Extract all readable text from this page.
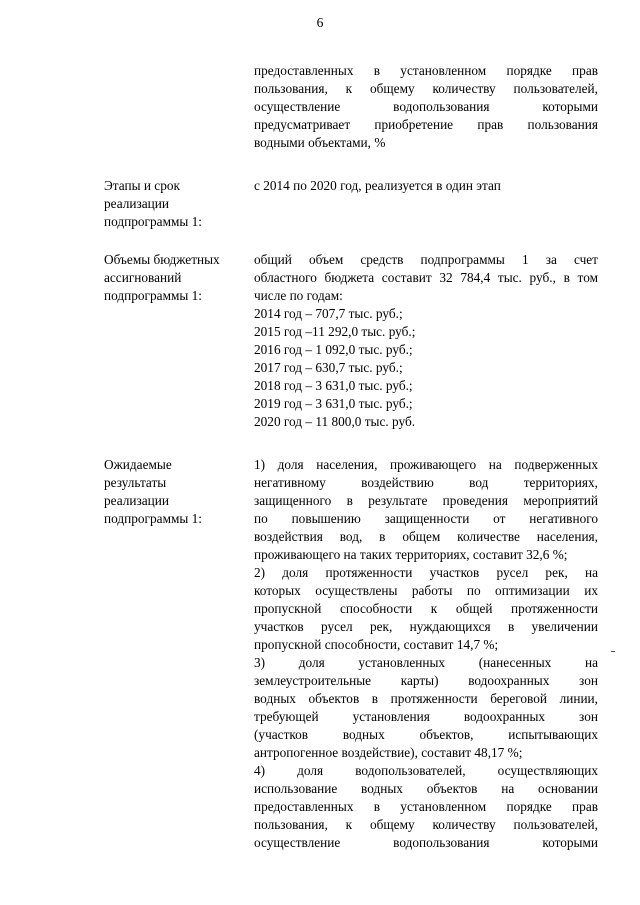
6

предоставленных в установленном порядке прав

пользования, к общему количеству пользователей,

осуществление водопользования которыми

предусматривает приобретение прав пользования

водными объектами, %

Этапы и срок
реализации
подпрограммы 1:

с 2014 по 2020 год, реализуется в один этап

Объемы бюджетных
ассигнований
подпрограммы 1:

общий объем средств подпрограммы 1 за счет

областного бюджета составит 32 784,4 тыс. руб., в том

числе по годам:

2014 год – 707,7 тыс. руб.;

2015 год –11 292,0 тыс. руб.;

2016 год – 1 092,0 тыс. руб.;

2017 год – 630,7 тыс. руб.;

2018 год – 3 631,0 тыс. руб.;

2019 год – 3 631,0 тыс. руб.;

2020 год – 11 800,0 тыс. руб.

Ожидаемые
результаты
реализации
подпрограммы 1:

1) доля населения, проживающего на подверженных

негативному воздействию вод территориях,

защищенного в результате проведения мероприятий

по повышению защищенности от негативного

воздействия вод, в общем количестве населения,

проживающего на таких территориях, составит 32,6 %;

2) доля протяженности участков русел рек, на

которых осуществлены работы по оптимизации их

пропускной способности к общей протяженности

участков русел рек, нуждающихся в увеличении

пропускной способности, составит 14,7 %;

3) доля установленных (нанесенных на

землеустроительные карты) водоохранных зон

водных объектов в протяженности береговой линии,

требующей установления водоохранных зон

(участков водных объектов, испытывающих

антропогенное воздействие), составит 48,17 %;

4) доля водопользователей, осуществляющих

использование водных объектов на основании

предоставленных в установленном порядке прав

пользования, к общему количеству пользователей,

осуществление водопользования которыми
